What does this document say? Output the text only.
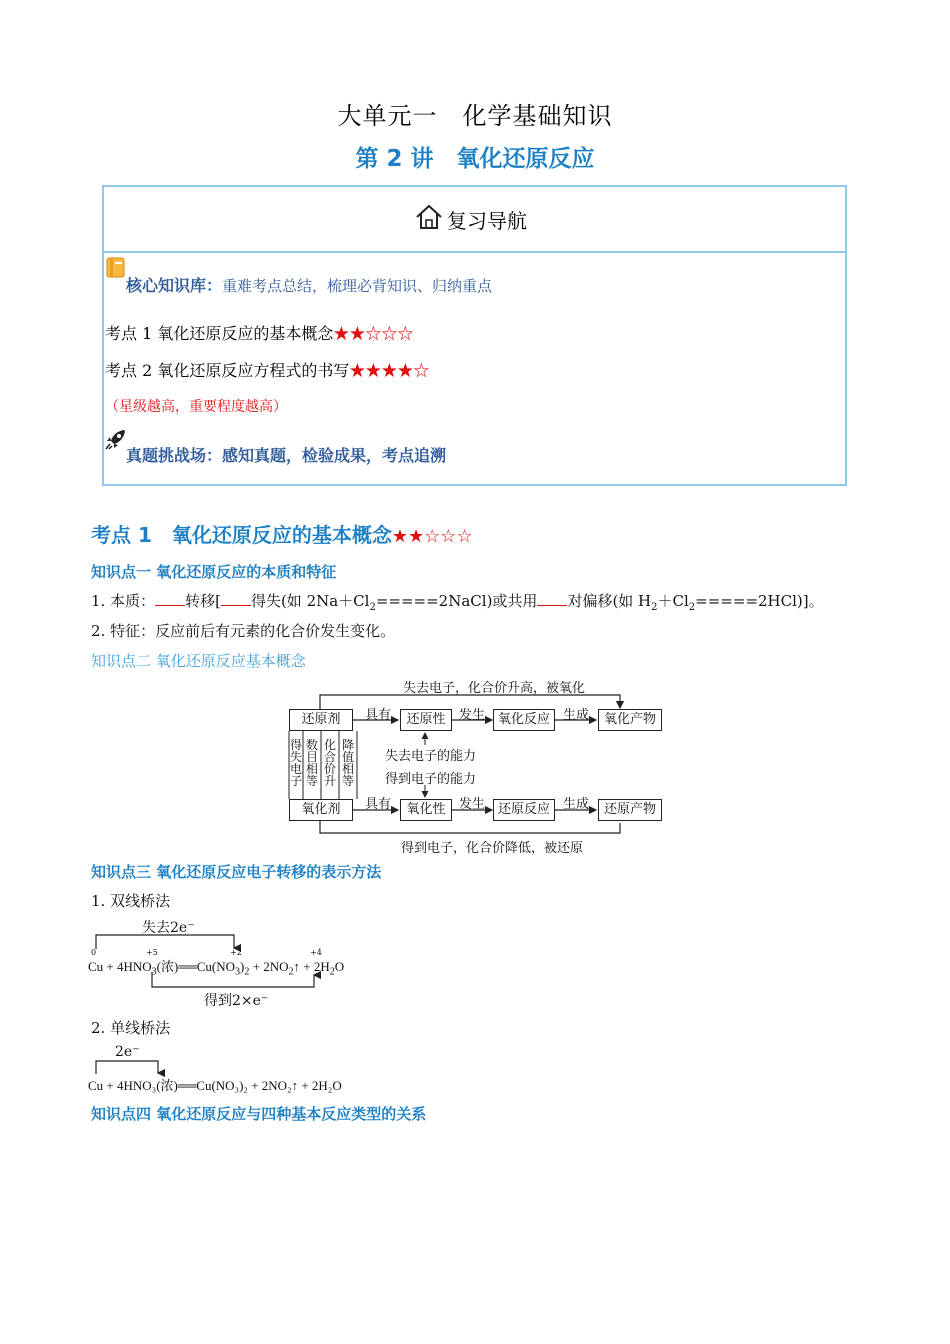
大单元一　化学基础知识
第 2 讲　氧化还原反应
复习导航
核心知识库：重难考点总结，梳理必背知识、归纳重点
考点 1 氧化还原反应的基本概念★★☆☆☆
考点 2 氧化还原反应方程式的书写★★★★☆
（星级越高，重要程度越高）
真题挑战场：感知真题，检验成果，考点追溯
考点 1　氧化还原反应的基本概念★★☆☆☆
知识点一 氧化还原反应的本质和特征
1. 本质： 转移[ 得失(如 $2Na+Cl_2=====2NaCl$)或共用 对偏移(如 $H_2+Cl_2=====2HCl$)]。
2. 特征：反应前后有元素的化合价发生变化。
知识点二 氧化还原反应基本概念
失去电子，化合价升高，被氧化
还原剂	还原性	氧化反应	氧化产物
具有	发生	生成
得
失
电
子
数
目
相
等
化
合
价
升
降
值
相
等
失去电子的能力
得到电子的能力
氧化剂	氧化性	还原反应	还原产物
具有	发生	生成
得到电子，化合价降低，被还原
知识点三 氧化还原反应电子转移的表示方法
1. 双线桥法
失去2e⁻
0	+5	+2	+4
$Cu + 4HNO_3$(浓)$══Cu(NO_3)_2$ + $2NO_2↑ + 2H_2O$
得到2×e⁻
2. 单线桥法
2e⁻
Cu + 4HNO₃(浓)══Cu(NO₃)₂ + 2NO₂↑ + 2H₂O
知识点四 氧化还原反应与四种基本反应类型的关系
